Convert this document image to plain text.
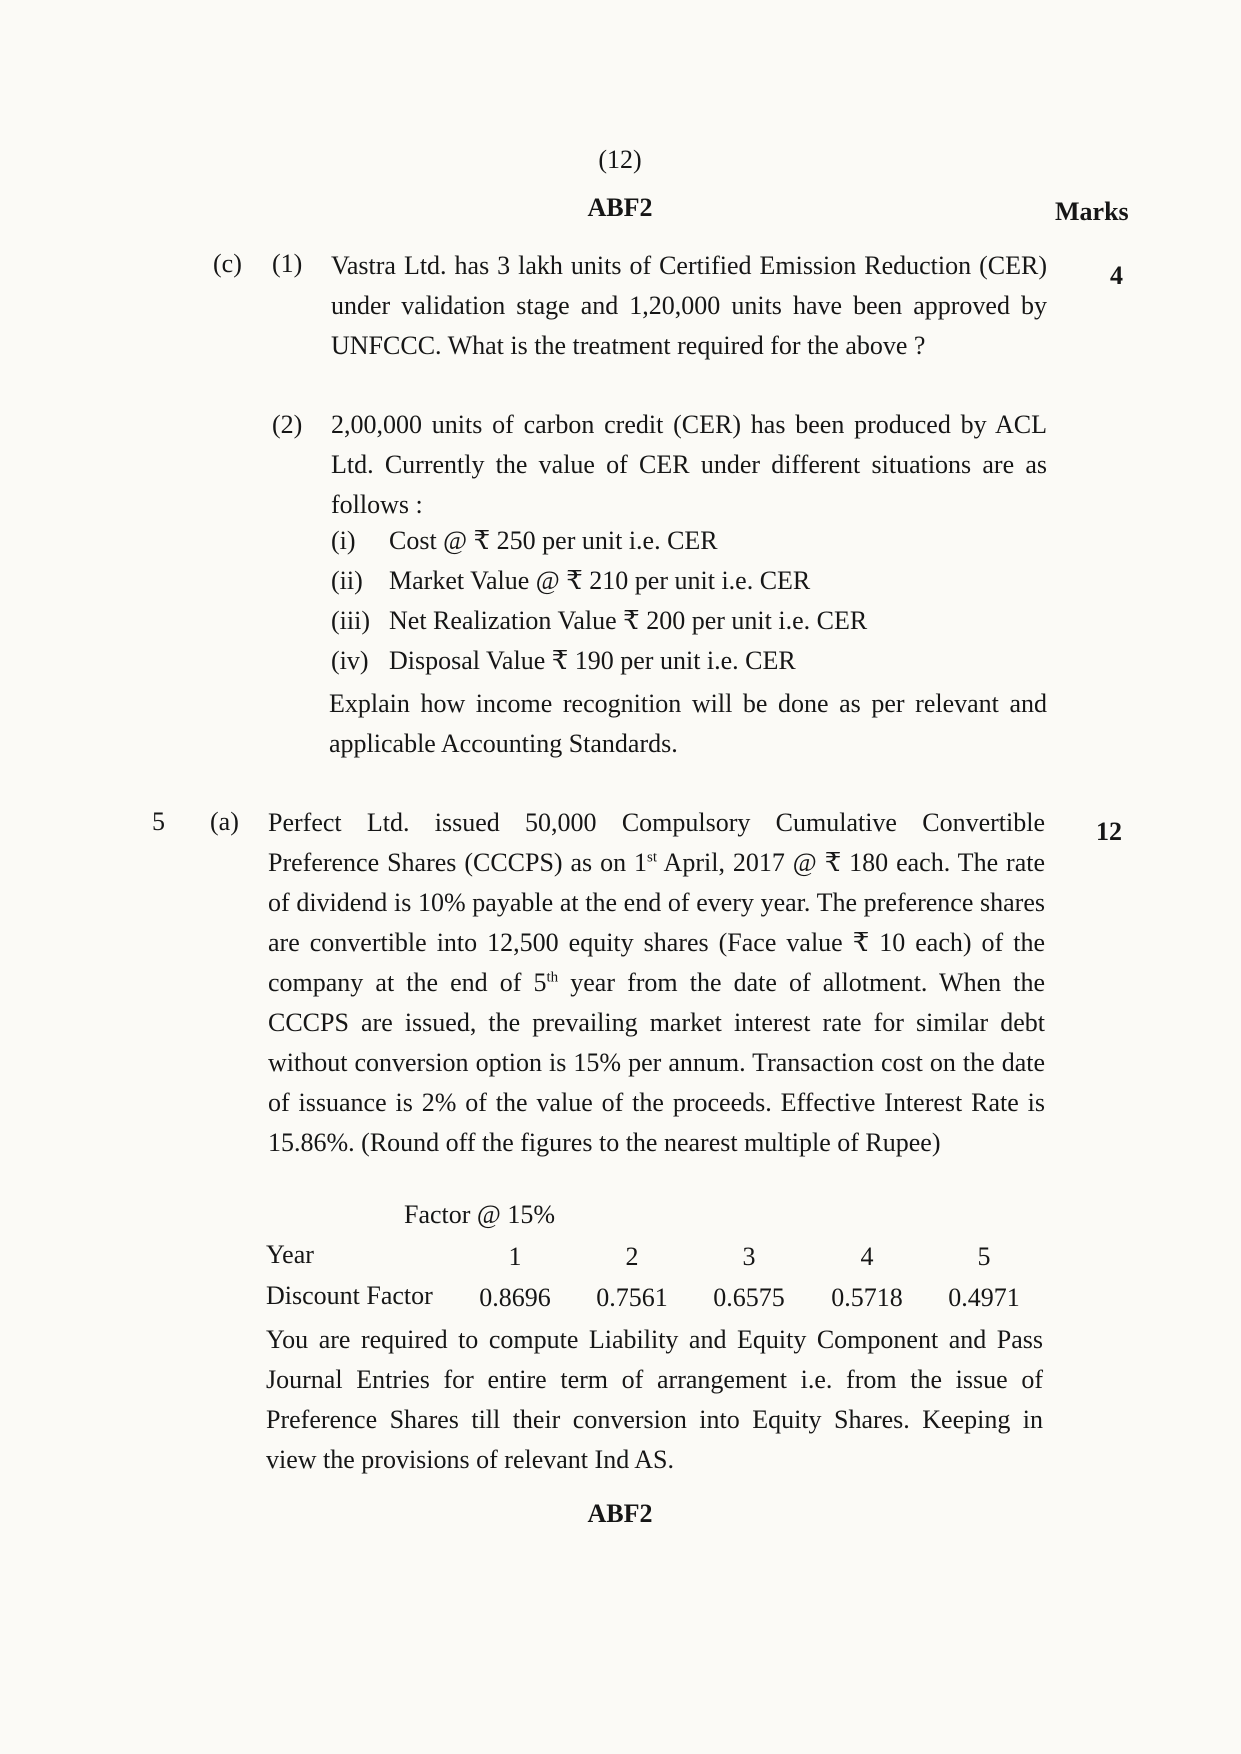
(12)
ABF2	Marks
(c) (1) Vastra Ltd. has 3 lakh units of Certified Emission Reduction (CER) under validation stage and 1,20,000 units have been approved by UNFCCC. What is the treatment required for the above ?
4
(2) 2,00,000 units of carbon credit (CER) has been produced by ACL Ltd. Currently the value of CER under different situations are as follows :
(i) Cost @ ₹ 250 per unit i.e. CER
(ii) Market Value @ ₹ 210 per unit i.e. CER
(iii) Net Realization Value ₹ 200 per unit i.e. CER
(iv) Disposal Value ₹ 190 per unit i.e. CER
Explain how income recognition will be done as per relevant and applicable Accounting Standards.
5 (a)	12
Perfect Ltd. issued 50,000 Compulsory Cumulative Convertible Preference Shares (CCCPS) as on 1st April, 2017 @ ₹ 180 each. The rate of dividend is 10% payable at the end of every year. The preference shares are convertible into 12,500 equity shares (Face value ₹ 10 each) of the company at the end of 5th year from the date of allotment. When the CCCPS are issued, the prevailing market interest rate for similar debt without conversion option is 15% per annum. Transaction cost on the date of issuance is 2% of the value of the proceeds. Effective Interest Rate is 15.86%. (Round off the figures to the nearest multiple of Rupee)
Factor @ 15%
Year	1	2	3	4	5
Discount Factor	0.8696	0.7561	0.6575	0.5718	0.4971
You are required to compute Liability and Equity Component and Pass Journal Entries for entire term of arrangement i.e. from the issue of Preference Shares till their conversion into Equity Shares. Keeping in view the provisions of relevant Ind AS.
ABF2
